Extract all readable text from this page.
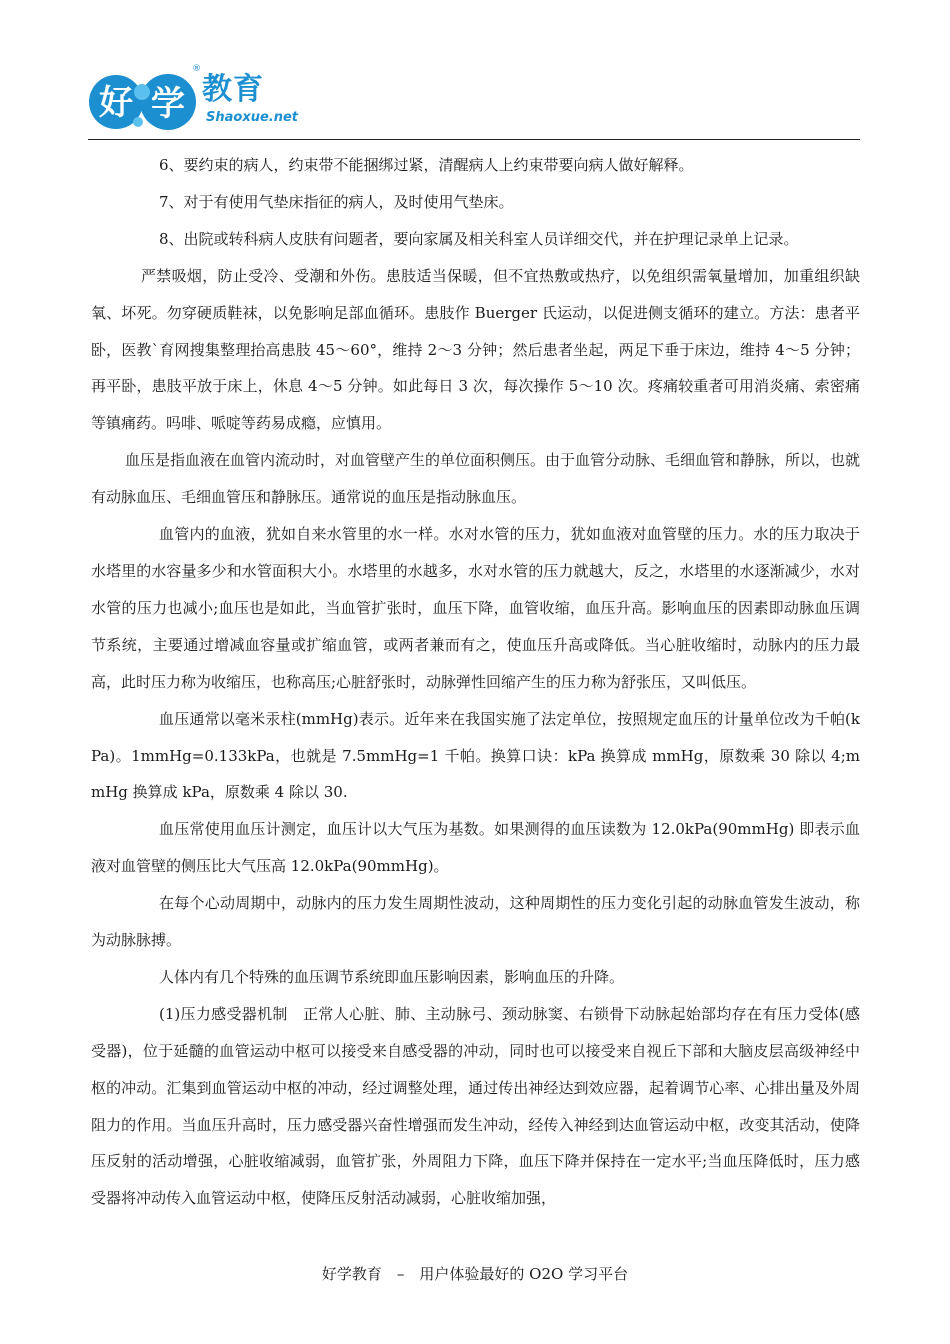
好 学
®
教育
Shaoxue.net

6、要约束的病人，约束带不能捆绑过紧，清醒病人上约束带要向病人做好解释。

7、对于有使用气垫床指征的病人，及时使用气垫床。

8、出院或转科病人皮肤有问题者，要向家属及相关科室人员详细交代，并在护理记录单上记录。

严禁吸烟，防止受冷、受潮和外伤。患肢适当保暖，但不宜热敷或热疗，以免组织需氧量增加，加重组织缺氧、坏死。勿穿硬质鞋袜，以免影响足部血循环。患肢作 Buerger 氏运动，以促进侧支循环的建立。方法：患者平卧，医教`育网搜集整理抬高患肢 45～60°，维持 2～3 分钟；然后患者坐起，两足下垂于床边，维持 4～5 分钟；再平卧，患肢平放于床上，休息 4～5 分钟。如此每日 3 次，每次操作 5～10 次。疼痛较重者可用消炎痛、索密痛等镇痛药。吗啡、哌啶等药易成瘾，应慎用。

血压是指血液在血管内流动时，对血管壁产生的单位面积侧压。由于血管分动脉、毛细血管和静脉，所以，也就有动脉血压、毛细血管压和静脉压。通常说的血压是指动脉血压。

血管内的血液，犹如自来水管里的水一样。水对水管的压力，犹如血液对血管壁的压力。水的压力取决于水塔里的水容量多少和水管面积大小。水塔里的水越多，水对水管的压力就越大，反之，水塔里的水逐渐减少，水对水管的压力也减小;血压也是如此，当血管扩张时，血压下降，血管收缩，血压升高。影响血压的因素即动脉血压调节系统，主要通过增减血容量或扩缩血管，或两者兼而有之，使血压升高或降低。当心脏收缩时，动脉内的压力最高，此时压力称为收缩压，也称高压;心脏舒张时，动脉弹性回缩产生的压力称为舒张压，又叫低压。

血压通常以毫米汞柱(mmHg)表示。近年来在我国实施了法定单位，按照规定血压的计量单位改为千帕(kPa)。1mmHg=0.133kPa，也就是 7.5mmHg=1 千帕。换算口诀：kPa 换算成 mmHg，原数乘 30 除以 4;mmHg 换算成 kPa，原数乘 4 除以 30.

血压常使用血压计测定，血压计以大气压为基数。如果测得的血压读数为 12.0kPa(90mmHg) 即表示血液对血管壁的侧压比大气压高 12.0kPa(90mmHg)。

在每个心动周期中，动脉内的压力发生周期性波动，这种周期性的压力变化引起的动脉血管发生波动，称为动脉脉搏。

人体内有几个特殊的血压调节系统即血压影响因素，影响血压的升降。

(1)压力感受器机制　正常人心脏、肺、主动脉弓、颈动脉窦、右锁骨下动脉起始部均存在有压力受体(感受器)，位于延髓的血管运动中枢可以接受来自感受器的冲动，同时也可以接受来自视丘下部和大脑皮层高级神经中枢的冲动。汇集到血管运动中枢的冲动，经过调整处理，通过传出神经达到效应器，起着调节心率、心排出量及外周阻力的作用。当血压升高时，压力感受器兴奋性增强而发生冲动，经传入神经到达血管运动中枢，改变其活动，使降压反射的活动增强，心脏收缩减弱，血管扩张，外周阻力下降，血压下降并保持在一定水平;当血压降低时，压力感受器将冲动传入血管运动中枢，使降压反射活动减弱，心脏收缩加强，

好学教育　–　用户体验最好的 O2O 学习平台
